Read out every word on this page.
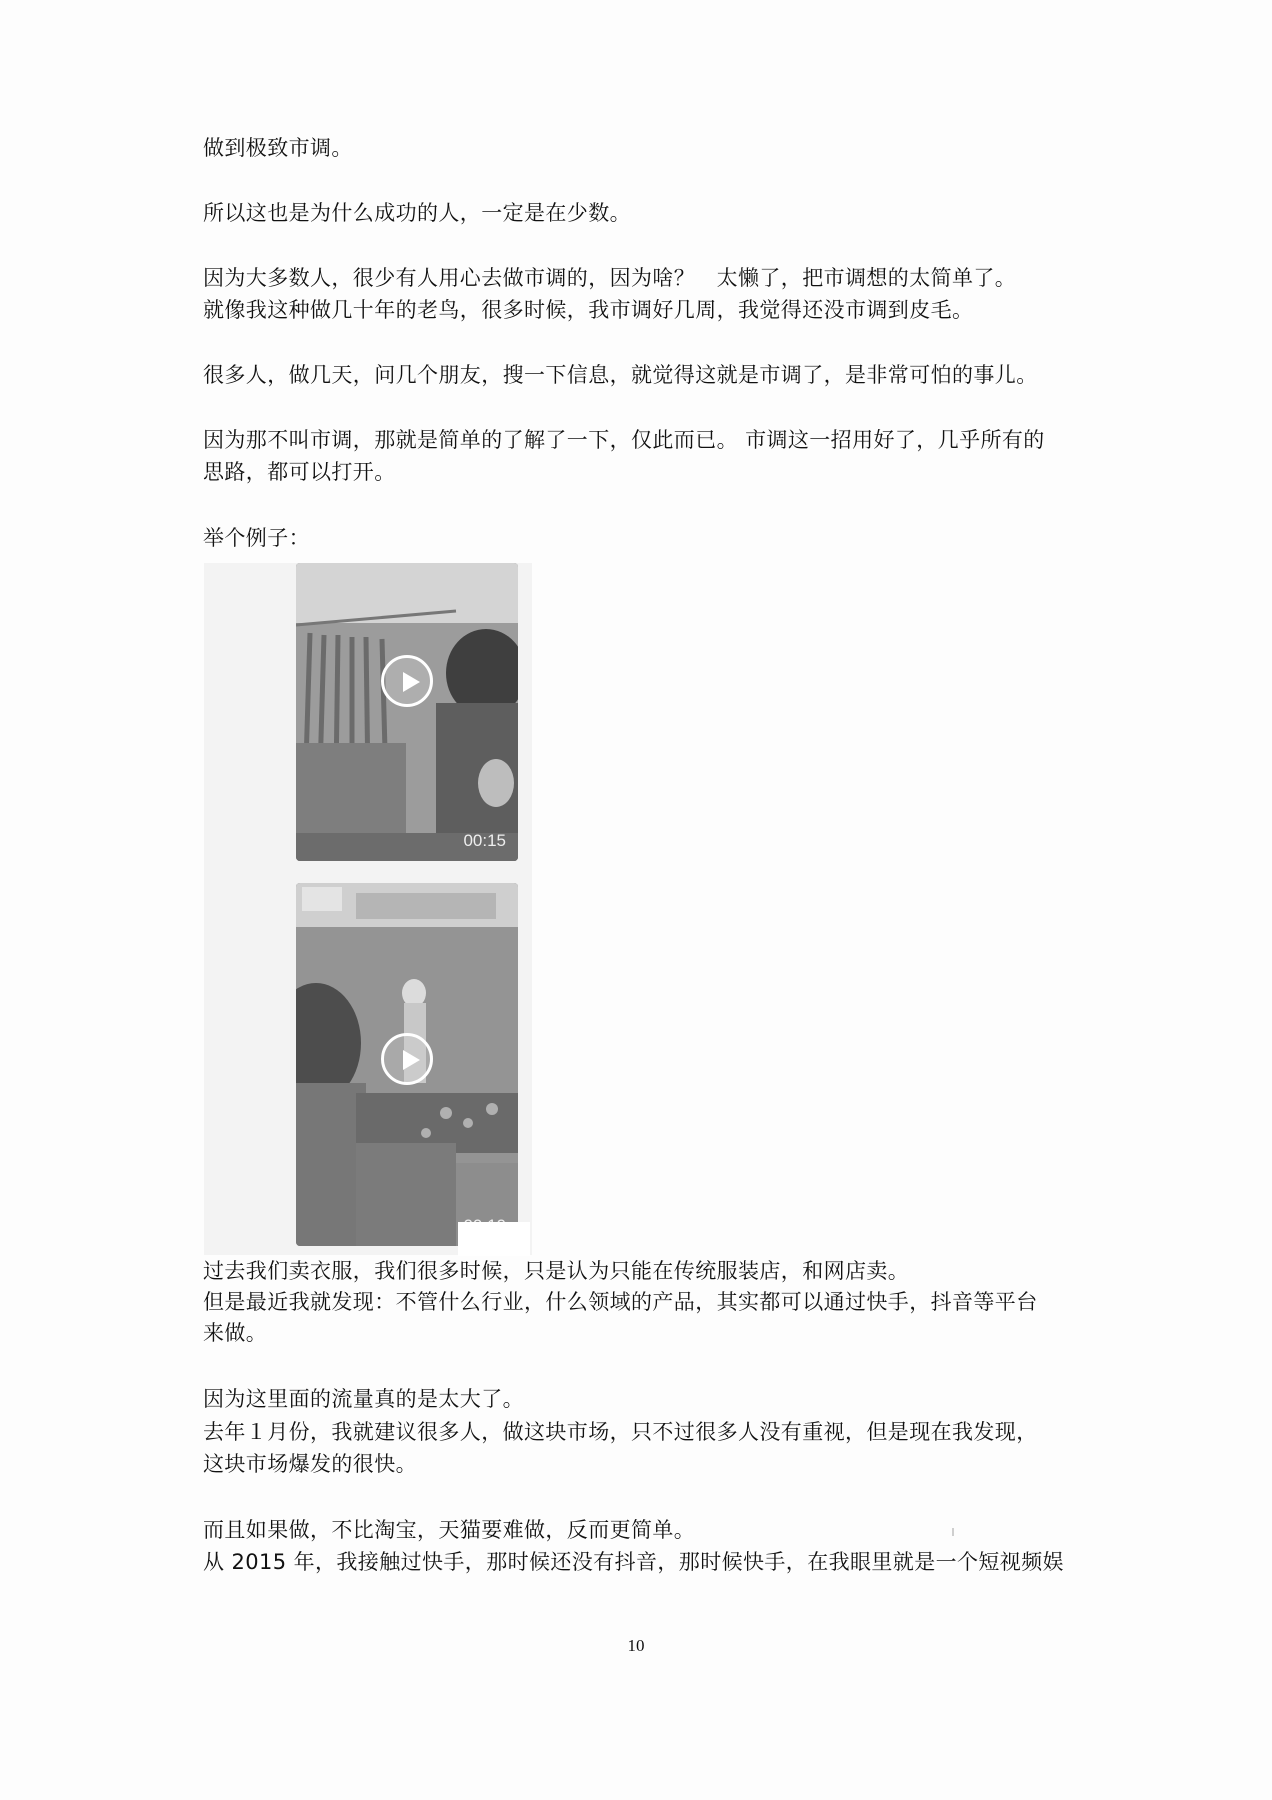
做到极致市调。
所以这也是为什么成功的人，一定是在少数。
因为大多数人，很少有人用心去做市调的，因为啥？　太懒了，把市调想的太简单了。
就像我这种做几十年的老鸟，很多时候，我市调好几周，我觉得还没市调到皮毛。
很多人，做几天，问几个朋友，搜一下信息，就觉得这就是市调了，是非常可怕的事儿。
因为那不叫市调，那就是简单的了解了一下，仅此而已。 市调这一招用好了，几乎所有的
思路，都可以打开。
举个例子：
00:15
过去我们卖衣服，我们很多时候，只是认为只能在传统服装店，和网店卖。
但是最近我就发现：不管什么行业，什么领域的产品，其实都可以通过快手，抖音等平台
来做。
因为这里面的流量真的是太大了。
去年１月份，我就建议很多人，做这块市场，只不过很多人没有重视，但是现在我发现，
这块市场爆发的很快。
而且如果做，不比淘宝，天猫要难做，反而更简单。
从 2015 年，我接触过快手，那时候还没有抖音，那时候快手，在我眼里就是一个短视频娱
10
